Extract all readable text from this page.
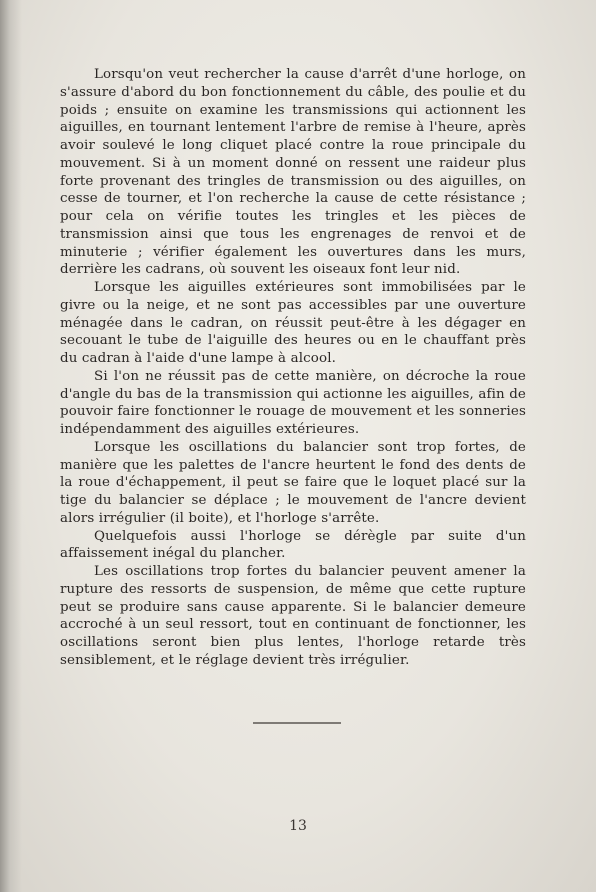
Lorsqu'on veut rechercher la cause d'arrêt d'une horloge, on s'assure d'abord du bon fonctionnement du câble, des poulie et du poids ; ensuite on examine les transmissions qui actionnent les aiguilles, en tournant lentement l'arbre de remise à l'heure, après avoir soulevé le long cliquet placé contre la roue principale du mouvement. Si à un moment donné on ressent une raideur plus forte provenant des tringles de transmission ou des aiguilles, on cesse de tourner, et l'on recherche la cause de cette résistance ; pour cela on vérifie toutes les tringles et les pièces de transmission ainsi que tous les engrenages de renvoi et de minuterie ; vérifier également les ouvertures dans les murs, derrière les cadrans, où souvent les oiseaux font leur nid.

Lorsque les aiguilles extérieures sont immobilisées par le givre ou la neige, et ne sont pas accessibles par une ouverture ménagée dans le cadran, on réussit peut-être à les dégager en secouant le tube de l'aiguille des heures ou en le chauffant près du cadran à l'aide d'une lampe à alcool.

Si l'on ne réussit pas de cette manière, on décroche la roue d'angle du bas de la transmission qui actionne les aiguilles, afin de pouvoir faire fonctionner le rouage de mouvement et les sonneries indépendamment des aiguilles extérieures.

Lorsque les oscillations du balancier sont trop fortes, de manière que les palettes de l'ancre heurtent le fond des dents de la roue d'échappement, il peut se faire que le loquet placé sur la tige du balancier se déplace ; le mouvement de l'ancre devient alors irrégulier (il boite), et l'horloge s'arrête.

Quelquefois aussi l'horloge se dérègle par suite d'un affaissement inégal du plancher.

Les oscillations trop fortes du balancier peuvent amener la rupture des ressorts de suspension, de même que cette rupture peut se produire sans cause apparente. Si le balancier demeure accroché à un seul ressort, tout en continuant de fonctionner, les oscillations seront bien plus lentes, l'horloge retarde très sensiblement, et le réglage devient très irrégulier.

13
